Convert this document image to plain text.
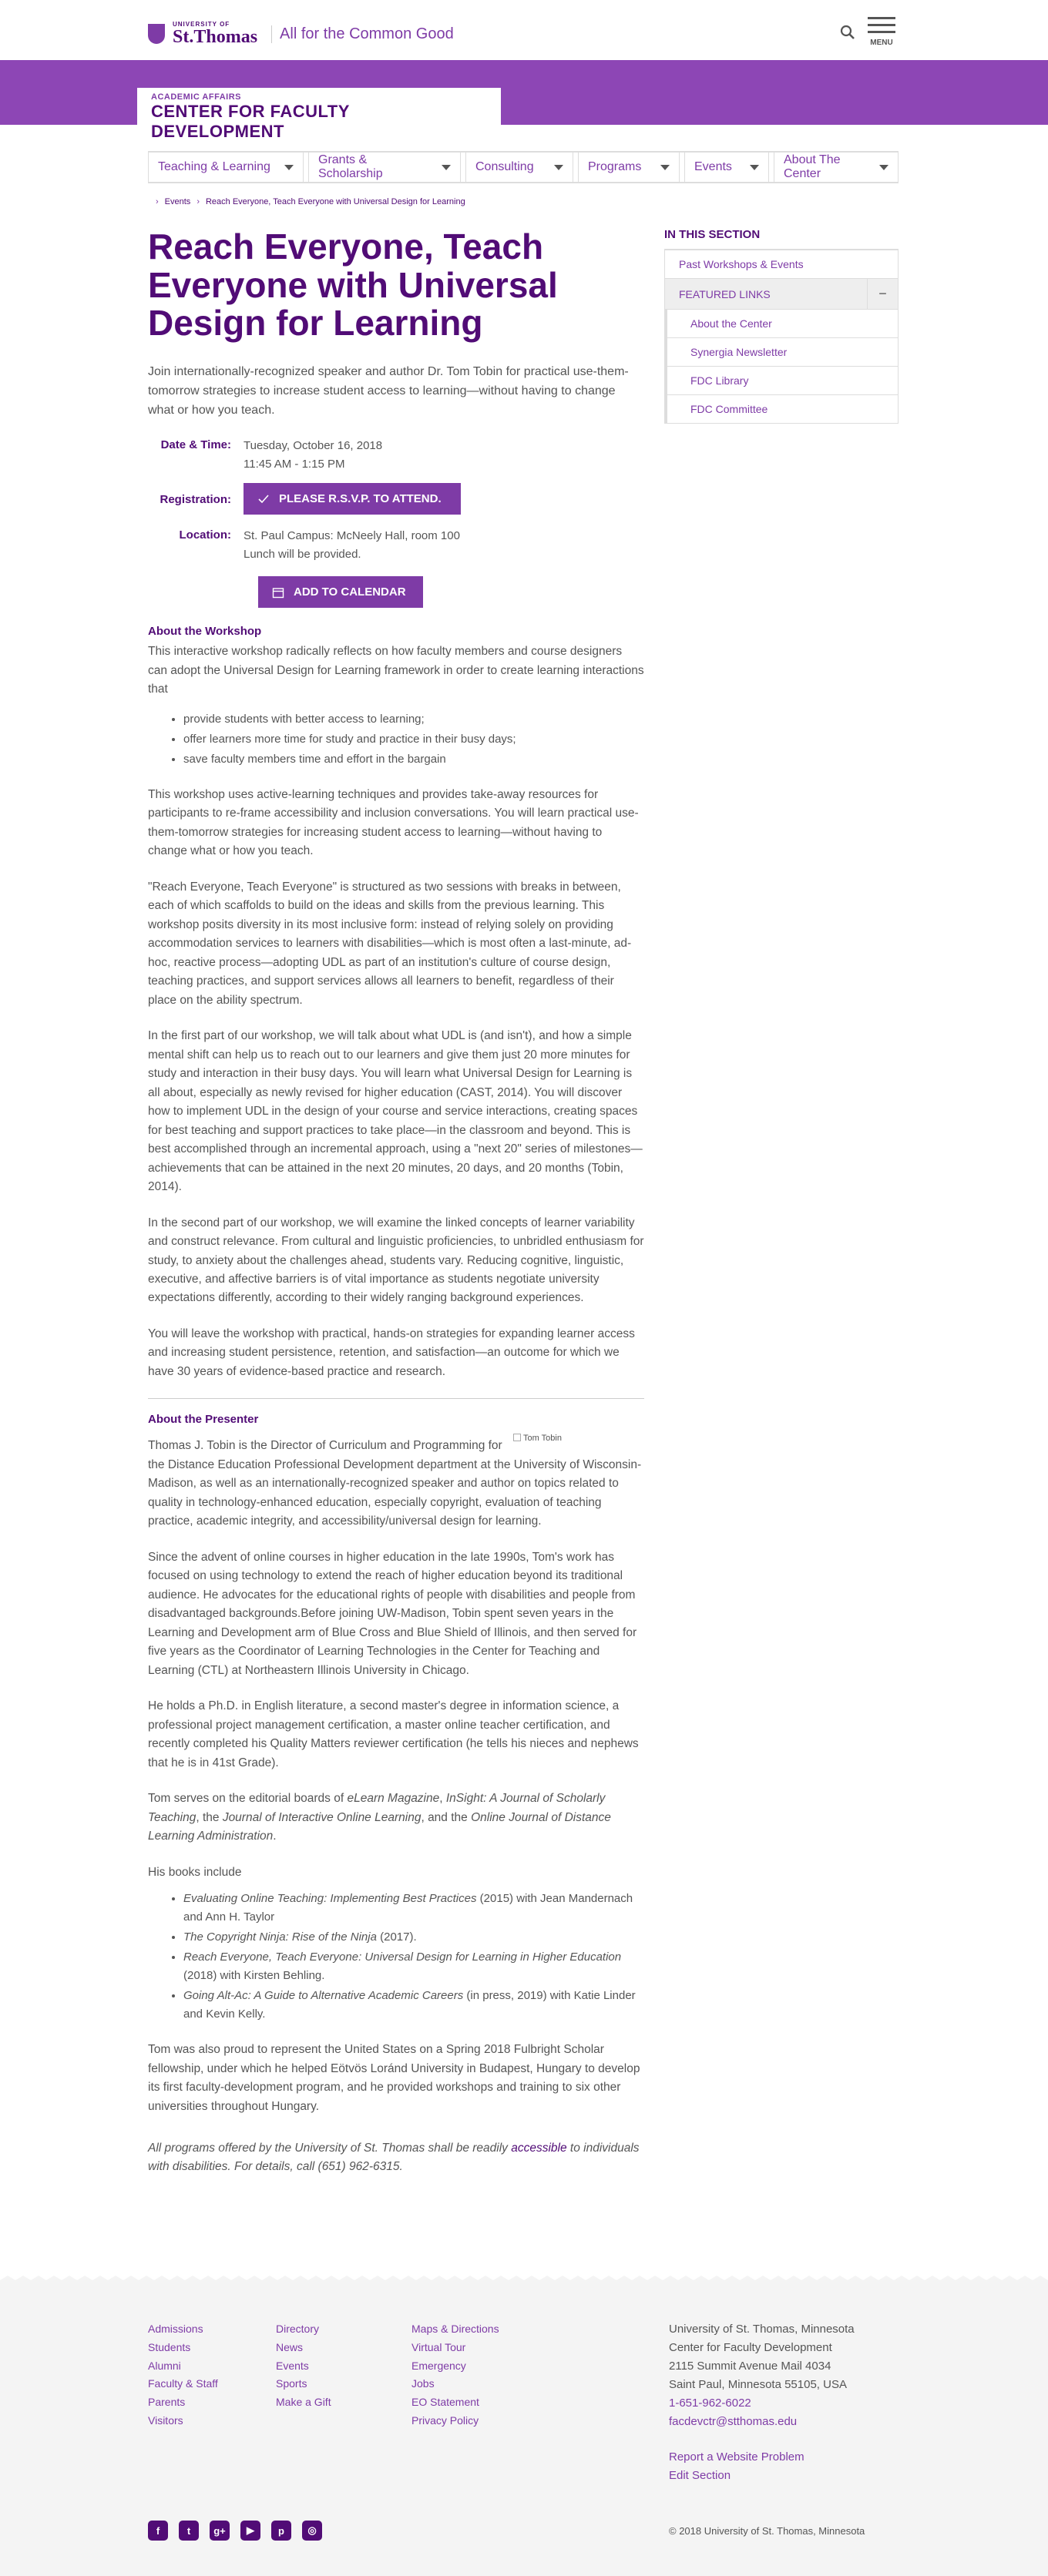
UNIVERSITY OF
St.Thomas	All for the Common Good
MENU
ACADEMIC AFFAIRS
CENTER FOR FACULTY DEVELOPMENT
Teaching & Learning
Grants & Scholarship
Consulting	Programs	Events
About The Center
› Events › Reach Everyone, Teach Everyone with Universal Design for Learning
Reach Everyone, Teach Everyone with Universal Design for Learning

Join internationally-recognized speaker and author Dr. Tom Tobin for practical use-them-tomorrow strategies to increase student access to learning—without having to change what or how you teach.

Date & Time:	Tuesday, October 16, 2018
11:45 AM - 1:15 PM
Registration:	PLEASE R.S.V.P. TO ATTEND.
Location:	St. Paul Campus: McNeely Hall, room 100
Lunch will be provided.
ADD TO CALENDAR
About the Workshop

This interactive workshop radically reflects on how faculty members and course designers can adopt the Universal Design for Learning framework in order to create learning interactions that

• provide students with better access to learning;
• offer learners more time for study and practice in their busy days;
• save faculty members time and effort in the bargain

This workshop uses active-learning techniques and provides take-away resources for participants to re-frame accessibility and inclusion conversations. You will learn practical use-them-tomorrow strategies for increasing student access to learning—without having to change what or how you teach.

"Reach Everyone, Teach Everyone" is structured as two sessions with breaks in between, each of which scaffolds to build on the ideas and skills from the previous learning. This workshop posits diversity in its most inclusive form: instead of relying solely on providing accommodation services to learners with disabilities—which is most often a last-minute, ad-hoc, reactive process—adopting UDL as part of an institution's culture of course design, teaching practices, and support services allows all learners to benefit, regardless of their place on the ability spectrum.

In the first part of our workshop, we will talk about what UDL is (and isn't), and how a simple mental shift can help us to reach out to our learners and give them just 20 more minutes for study and interaction in their busy days. You will learn what Universal Design for Learning is all about, especially as newly revised for higher education (CAST, 2014). You will discover how to implement UDL in the design of your course and service interactions, creating spaces for best teaching and support practices to take place—in the classroom and beyond. This is best accomplished through an incremental approach, using a "next 20" series of milestones—achievements that can be attained in the next 20 minutes, 20 days, and 20 months (Tobin, 2014).

In the second part of our workshop, we will examine the linked concepts of learner variability and construct relevance. From cultural and linguistic proficiencies, to unbridled enthusiasm for study, to anxiety about the challenges ahead, students vary. Reducing cognitive, linguistic, executive, and affective barriers is of vital importance as students negotiate university expectations differently, according to their widely ranging background experiences.

You will leave the workshop with practical, hands-on strategies for expanding learner access and increasing student persistence, retention, and satisfaction—an outcome for which we have 30 years of evidence-based practice and research.

About the Presenter
Tom Tobin

Thomas J. Tobin is the Director of Curriculum and Programming for the Distance Education Professional Development department at the University of Wisconsin-Madison, as well as an internationally-recognized speaker and author on topics related to quality in technology-enhanced education, especially copyright, evaluation of teaching practice, academic integrity, and accessibility/universal design for learning.

Since the advent of online courses in higher education in the late 1990s, Tom's work has focused on using technology to extend the reach of higher education beyond its traditional audience. He advocates for the educational rights of people with disabilities and people from disadvantaged backgrounds.Before joining UW-Madison, Tobin spent seven years in the Learning and Development arm of Blue Cross and Blue Shield of Illinois, and then served for five years as the Coordinator of Learning Technologies in the Center for Teaching and Learning (CTL) at Northeastern Illinois University in Chicago.

He holds a Ph.D. in English literature, a second master's degree in information science, a professional project management certification, a master online teacher certification, and recently completed his Quality Matters reviewer certification (he tells his nieces and nephews that he is in 41st Grade).

Tom serves on the editorial boards of eLearn Magazine, InSight: A Journal of Scholarly Teaching, the Journal of Interactive Online Learning, and the Online Journal of Distance Learning Administration.

His books include

• Evaluating Online Teaching: Implementing Best Practices (2015) with Jean Mandernach and Ann H. Taylor
• The Copyright Ninja: Rise of the Ninja (2017).
• Reach Everyone, Teach Everyone: Universal Design for Learning in Higher Education (2018) with Kirsten Behling.
• Going Alt-Ac: A Guide to Alternative Academic Careers (in press, 2019) with Katie Linder and Kevin Kelly.

Tom was also proud to represent the United States on a Spring 2018 Fulbright Scholar fellowship, under which he helped Eötvös Loránd University in Budapest, Hungary to develop its first faculty-development program, and he provided workshops and training to six other universities throughout Hungary.

All programs offered by the University of St. Thomas shall be readily accessible to individuals with disabilities. For details, call (651) 962-6315.

IN THIS SECTION
Past Workshops & Events
FEATURED LINKS	−
About the Center
Synergia Newsletter
FDC Library
FDC Committee
Admissions
Students
Alumni
Faculty & Staff
Parents
Visitors
Directory
News
Events
Sports
Make a Gift
Maps & Directions
Virtual Tour
Emergency
Jobs
EO Statement
Privacy Policy
University of St. Thomas, Minnesota
Center for Faculty Development
2115 Summit Avenue Mail 4034
Saint Paul, Minnesota 55105, USA
1-651-962-6022
facdevctr@stthomas.edu
Report a Website Problem
Edit Section
f	t	g+	▶	p	◎	© 2018 University of St. Thomas, Minnesota
